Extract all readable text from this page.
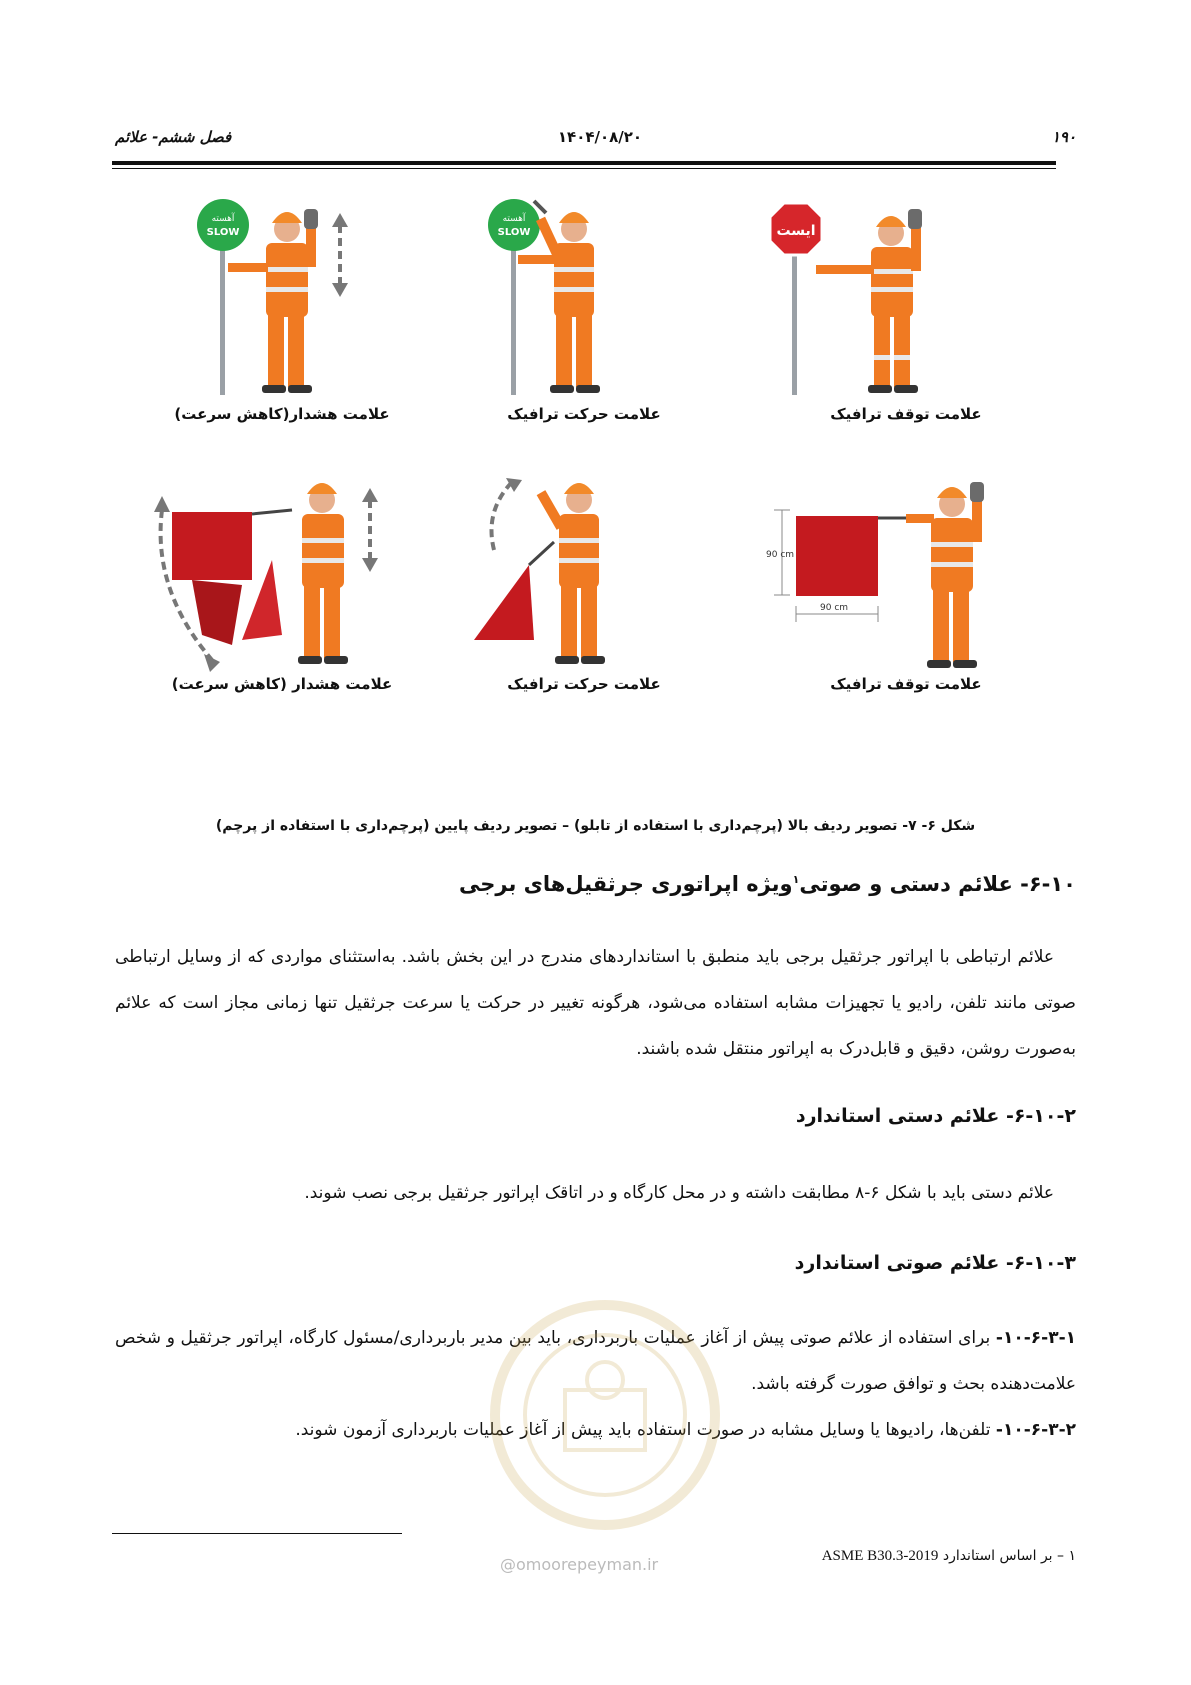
۱۹۰
۱۴۰۴/۰۸/۲۰
فصل ششم- علائم
ایست
علامت توقف ترافیک
آهسته
SLOW
علامت حرکت ترافیک
آهسته
SLOW
علامت هشدار(کاهش سرعت)
90 cm
90 cm
علامت توقف ترافیک
علامت حرکت ترافیک
علامت هشدار (کاهش سرعت)
شکل ۶- ۷- تصویر ردیف بالا (پرچم‌داری با استفاده از تابلو) – تصویر ردیف پایین (پرچم‌داری با استفاده از پرچم)
۶-۱۰- علائم دستی و صوتی$^۱$ویژه اپراتوری جرثقیل‌های برجی

علائم ارتباطی با اپراتور جرثقیل برجی باید منطبق با استانداردهای مندرج در این بخش باشد. به‌استثنای مواردی که از وسایل ارتباطی صوتی مانند تلفن، رادیو یا تجهیزات مشابه استفاده می‌شود، هرگونه تغییر در حرکت یا سرعت جرثقیل تنها زمانی مجاز است که علائم به‌صورت روشن، دقیق و قابل‌درک به اپراتور منتقل شده باشند.

۶-۱۰-۲- علائم دستی استاندارد

علائم دستی باید با شکل ۶-۸ مطابقت داشته و در محل کارگاه و در اتاقک اپراتور جرثقیل برجی نصب شوند.

۶-۱۰-۳- علائم صوتی استاندارد

۱۰-۶-۳-۱- برای استفاده از علائم صوتی پیش از آغاز عملیات باربرداری، باید بین مدیر باربرداری/مسئول کارگاه، اپراتور جرثقیل و شخص علامت‌دهنده بحث و توافق صورت گرفته باشد.

۱۰-۶-۳-۲- تلفن‌ها، رادیوها یا وسایل مشابه در صورت استفاده باید پیش از آغاز عملیات باربرداری آزمون شوند.

@omoorepeyman.ir	۱ – بر اساس استاندارد ASME B30.3-2019
